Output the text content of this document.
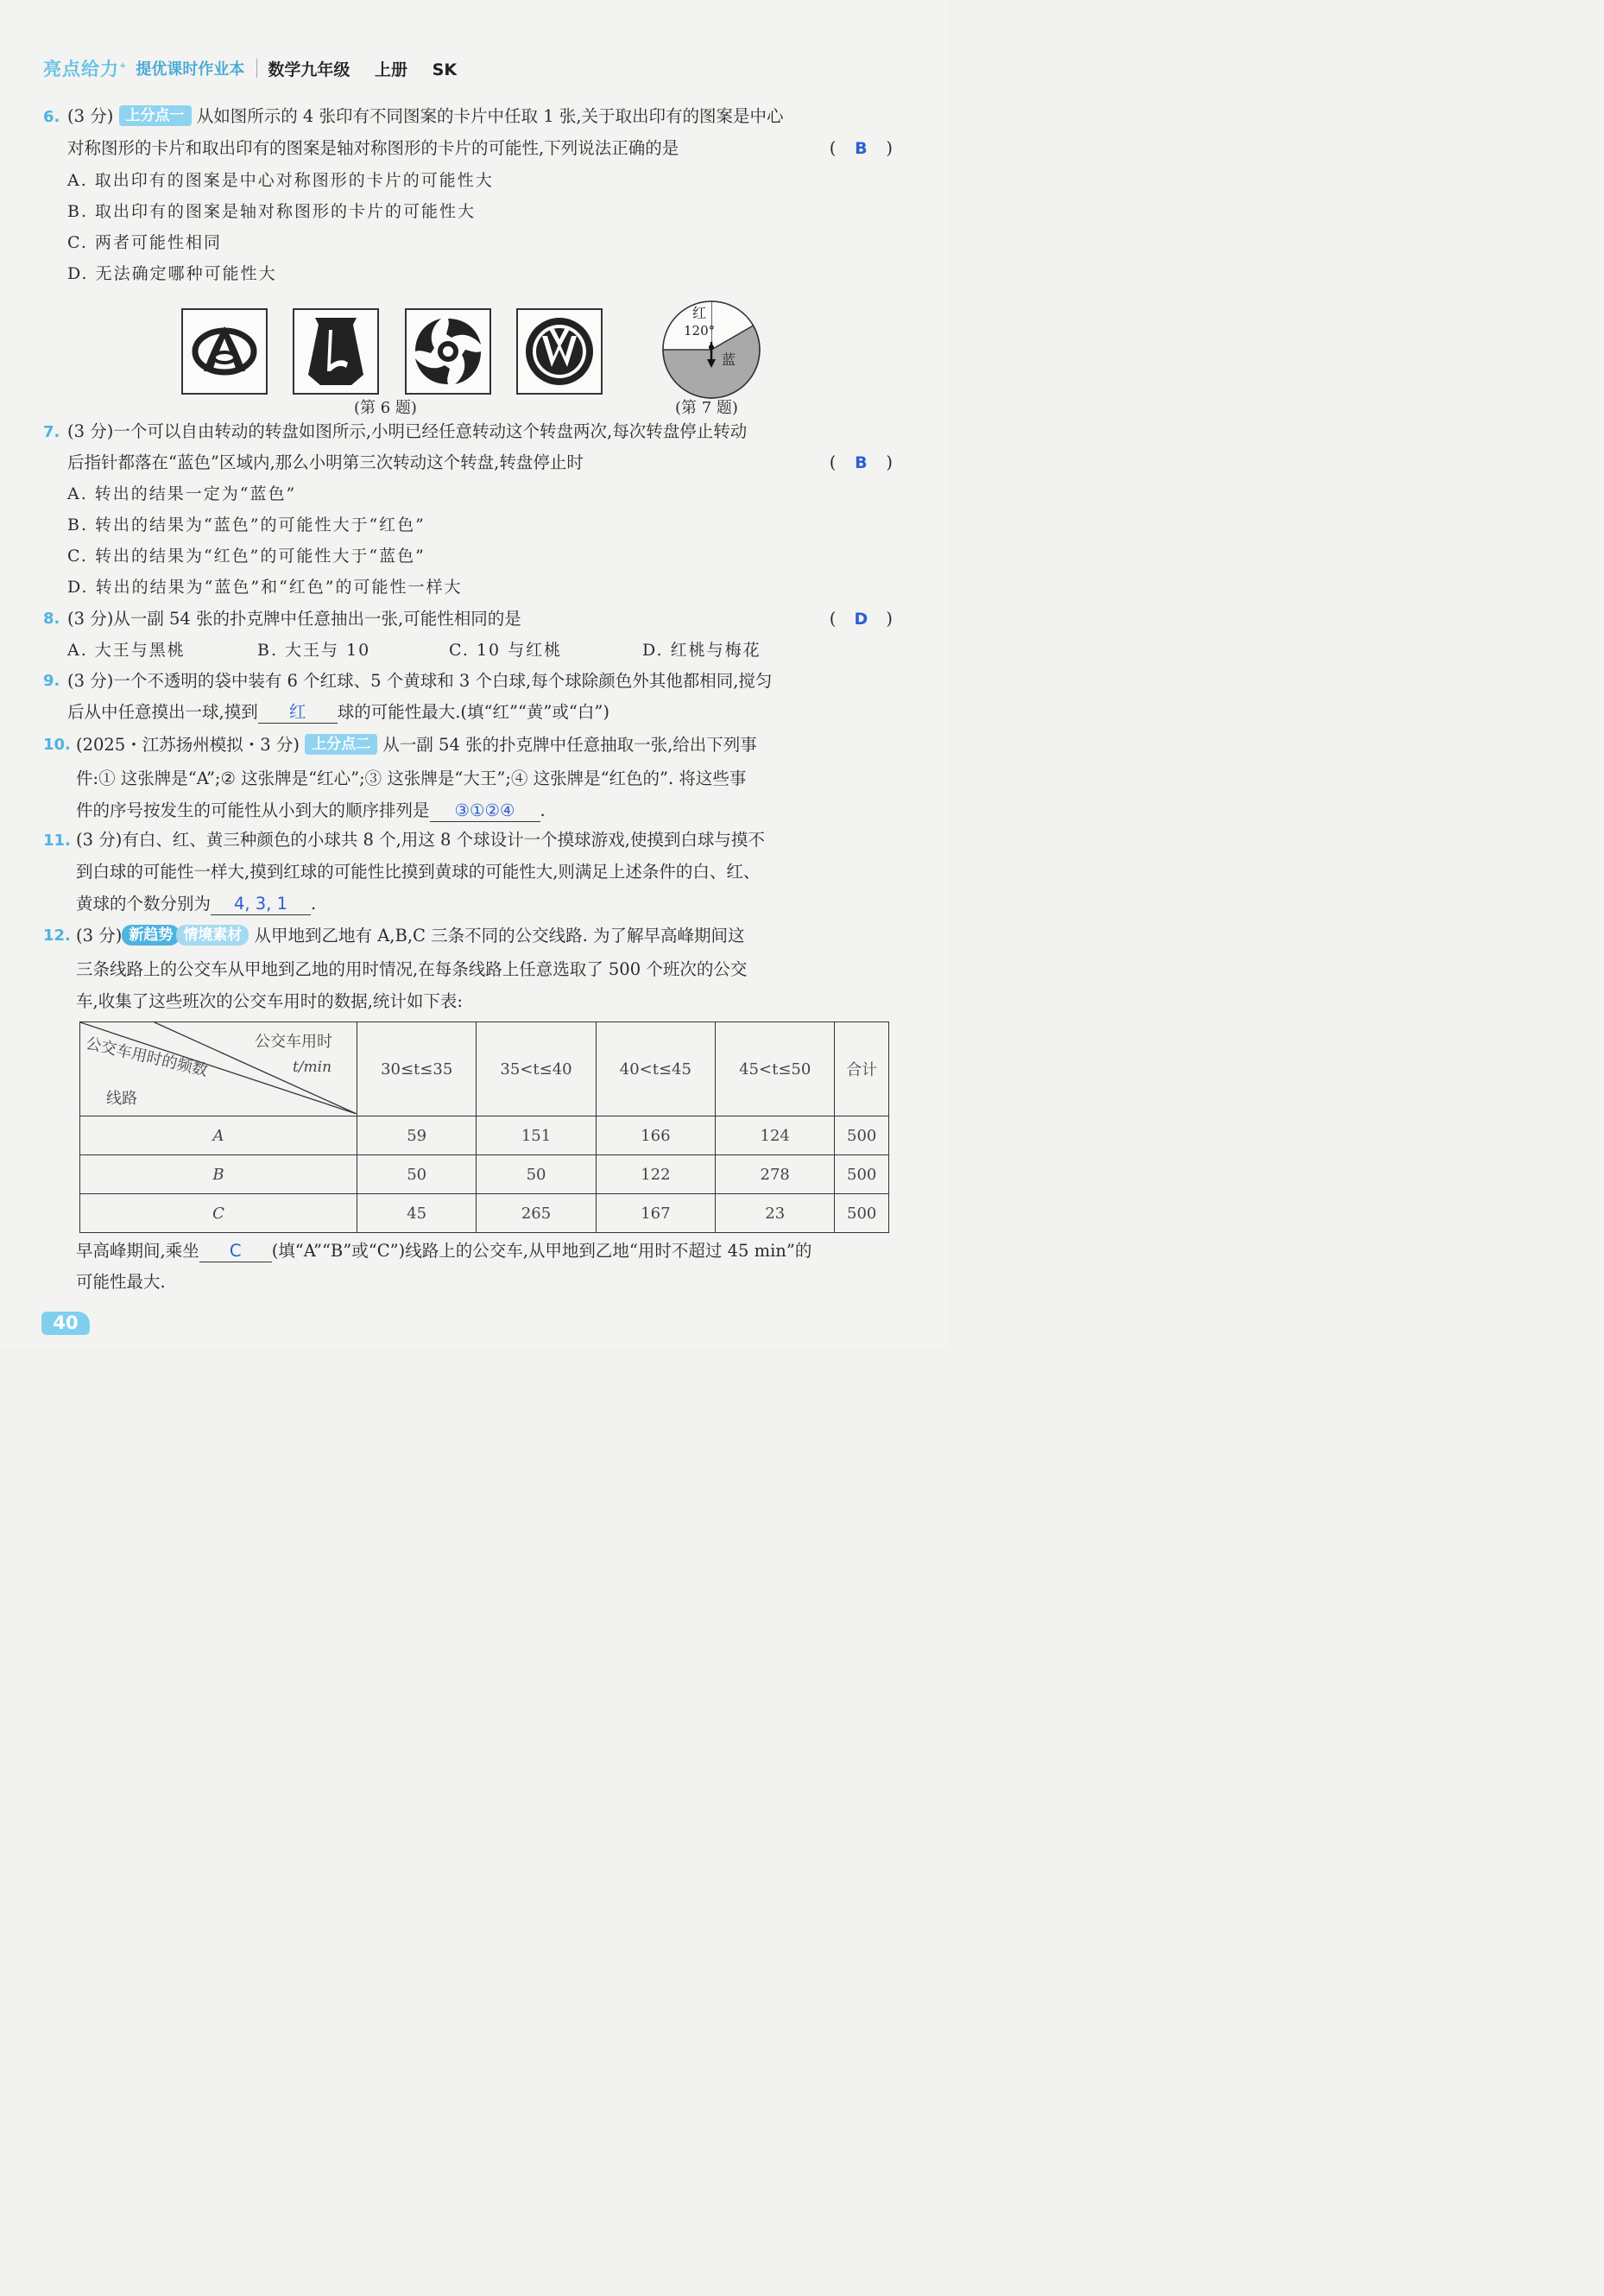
亮点给力+ 提优课时作业本 数学九年级 上册 SK
6. (3 分) 上分点一 从如图所示的 4 张印有不同图案的卡片中任取 1 张,关于取出印有的图案是中心
对称图形的卡片和取出印有的图案是轴对称图形的卡片的可能性,下列说法正确的是	( B )
A. 取出印有的图案是中心对称图形的卡片的可能性大
B. 取出印有的图案是轴对称图形的卡片的可能性大
C. 两者可能性相同
D. 无法确定哪种可能性大
(第 6 题)
红
120°
蓝
(第 7 题)
7. (3 分)一个可以自由转动的转盘如图所示,小明已经任意转动这个转盘两次,每次转盘停止转动
后指针都落在“蓝色”区域内,那么小明第三次转动这个转盘,转盘停止时	( B )
A. 转出的结果一定为“蓝色”
B. 转出的结果为“蓝色”的可能性大于“红色”
C. 转出的结果为“红色”的可能性大于“蓝色”
D. 转出的结果为“蓝色”和“红色”的可能性一样大
8. (3 分)从一副 54 张的扑克牌中任意抽出一张,可能性相同的是	( D )
A. 大王与黑桃	B. 大王与 10	C. 10 与红桃	D. 红桃与梅花
9. (3 分)一个不透明的袋中装有 6 个红球、5 个黄球和 3 个白球,每个球除颜色外其他都相同,搅匀
后从中任意摸出一球,摸到 红 球的可能性最大.(填“红”“黄”或“白”)
10. (2025・江苏扬州模拟・3 分) 上分点二 从一副 54 张的扑克牌中任意抽取一张,给出下列事
件:① 这张牌是“A”;② 这张牌是“红心”;③ 这张牌是“大王”;④ 这张牌是“红色的”. 将这些事
件的序号按发生的可能性从小到大的顺序排列是 ③①②④ .
11. (3 分)有白、红、黄三种颜色的小球共 8 个,用这 8 个球设计一个摸球游戏,使摸到白球与摸不
到白球的可能性一样大,摸到红球的可能性比摸到黄球的可能性大,则满足上述条件的白、红、
黄球的个数分别为 4, 3, 1 .
12. (3 分) 新趋势 情境素材 从甲地到乙地有 A,B,C 三条不同的公交线路. 为了解早高峰期间这
三条线路上的公交车从甲地到乙地的用时情况,在每条线路上任意选取了 500 个班次的公交
车,收集了这些班次的公交车用时的数据,统计如下表:
公交车用时
t/min
公交车用时的频数
线路	30≤t≤35	35<t≤40	40<t≤45	45<t≤50	合计
A	59	151	166	124	500
B	50	50	122	278	500
C	45	265	167	23	500
早高峰期间,乘坐 C (填“A”“B”或“C”)线路上的公交车,从甲地到乙地“用时不超过 45 min”的
可能性最大.
40
